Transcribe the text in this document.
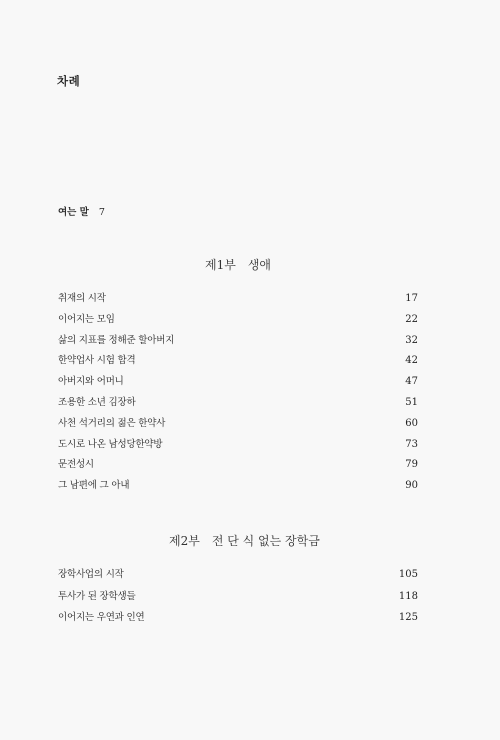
차례
여는 말 7
제1부 생애
취재의 시작	17
이어지는 모임	22
삶의 지표를 정해준 할아버지	32
한약업사 시험 합격	42
아버지와 어머니	47
조용한 소년 김장하	51
사천 석거리의 젊은 한약사	60
도시로 나온 남성당한약방	73
문전성시	79
그 남편에 그 아내	90
제2부 전 단 식 없는 장학금
장학사업의 시작	105
투사가 된 장학생들	118
이어지는 우연과 인연	125
